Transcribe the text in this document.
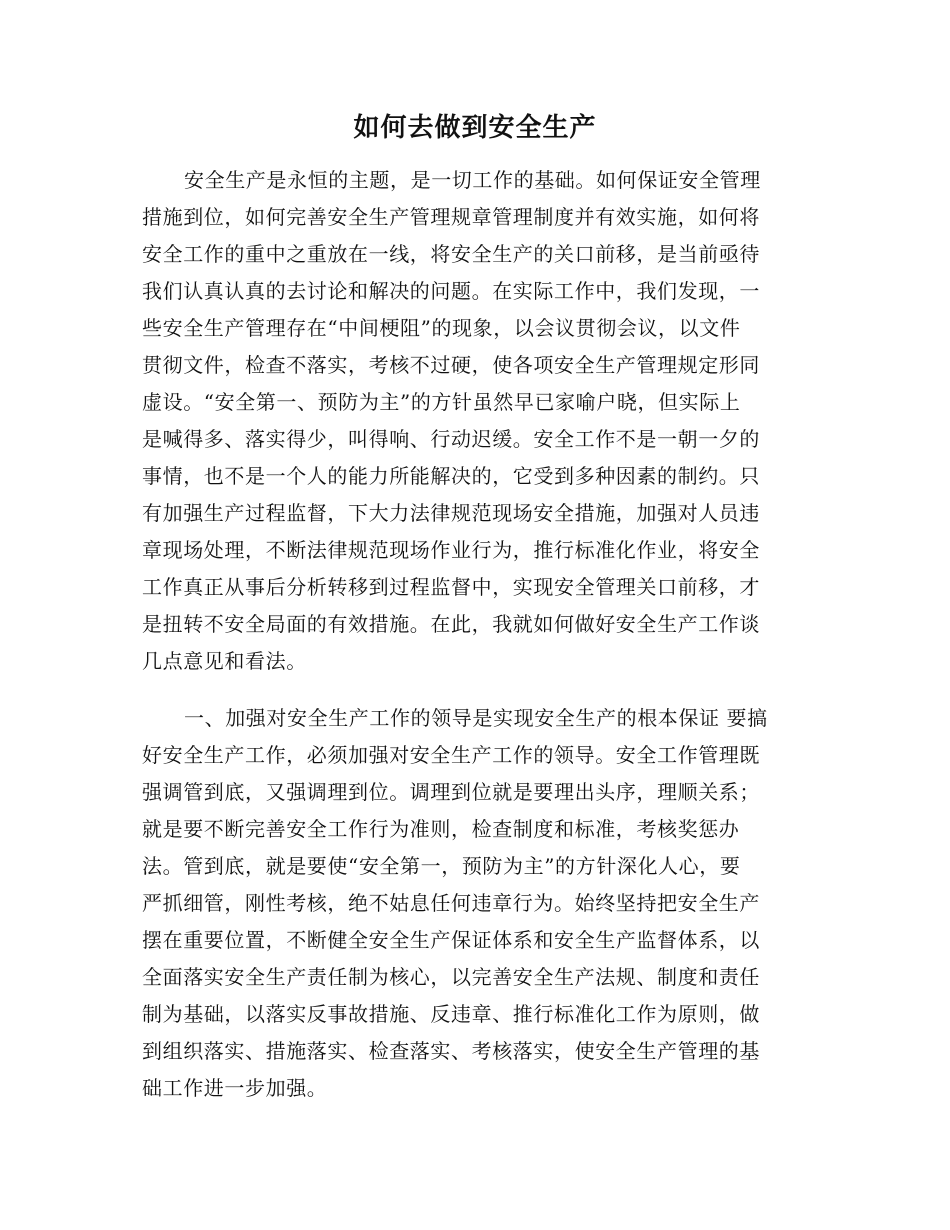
如何去做到安全生产
安全生产是永恒的主题，是一切工作的基础。如何保证安全管理
措施到位，如何完善安全生产管理规章管理制度并有效实施，如何将
安全工作的重中之重放在一线，将安全生产的关口前移，是当前亟待
我们认真认真的去讨论和解决的问题。在实际工作中，我们发现，一
些安全生产管理存在“中间梗阻”的现象，以会议贯彻会议，以文件
贯彻文件，检查不落实，考核不过硬，使各项安全生产管理规定形同
虚设。“安全第一、预防为主”的方针虽然早已家喻户晓，但实际上
是喊得多、落实得少，叫得响、行动迟缓。安全工作不是一朝一夕的
事情，也不是一个人的能力所能解决的，它受到多种因素的制约。只
有加强生产过程监督，下大力法律规范现场安全措施，加强对人员违
章现场处理，不断法律规范现场作业行为，推行标准化作业，将安全
工作真正从事后分析转移到过程监督中，实现安全管理关口前移，才
是扭转不安全局面的有效措施。在此，我就如何做好安全生产工作谈
几点意见和看法。
一、加强对安全生产工作的领导是实现安全生产的根本保证 要搞
好安全生产工作，必须加强对安全生产工作的领导。安全工作管理既
强调管到底，又强调理到位。调理到位就是要理出头序，理顺关系；
就是要不断完善安全工作行为准则，检查制度和标准，考核奖惩办
法。管到底，就是要使“安全第一，预防为主”的方针深化人心，要
严抓细管，刚性考核，绝不姑息任何违章行为。始终坚持把安全生产
摆在重要位置，不断健全安全生产保证体系和安全生产监督体系，以
全面落实安全生产责任制为核心，以完善安全生产法规、制度和责任
制为基础，以落实反事故措施、反违章、推行标准化工作为原则，做
到组织落实、措施落实、检查落实、考核落实，使安全生产管理的基
础工作进一步加强。
